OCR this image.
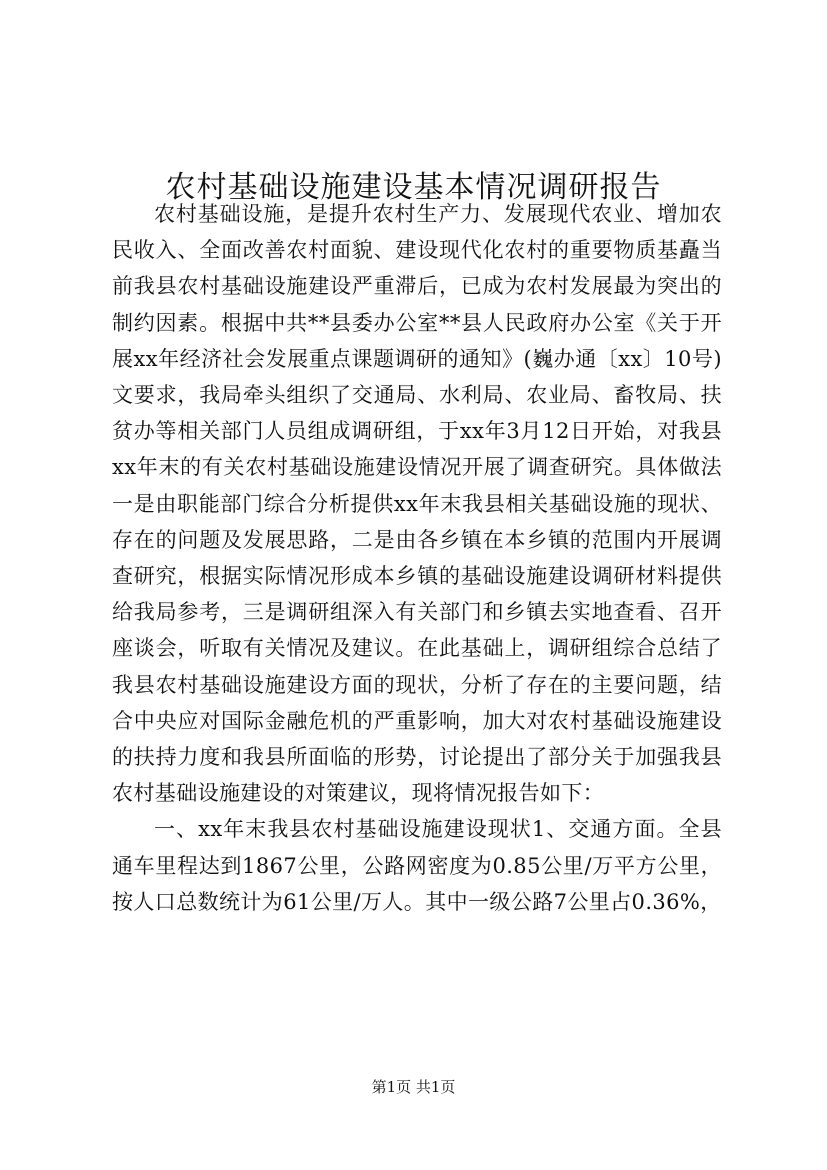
农村基础设施建设基本情况调研报告

农村基础设施，是提升农村生产力、发展现代农业、增加农民收入、全面改善农村面貌、建设现代化农村的重要物质基矗当前我县农村基础设施建设严重滞后，已成为农村发展最为突出的制约因素。根据中共**县委办公室**县人民政府办公室《关于开展xx年经济社会发展重点课题调研的通知》(巍办通〔xx〕10号)文要求，我局牵头组织了交通局、水利局、农业局、畜牧局、扶贫办等相关部门人员组成调研组，于xx年3月12日开始，对我县xx年末的有关农村基础设施建设情况开展了调查研究。具体做法一是由职能部门综合分析提供xx年末我县相关基础设施的现状、存在的问题及发展思路，二是由各乡镇在本乡镇的范围内开展调查研究，根据实际情况形成本乡镇的基础设施建设调研材料提供给我局参考，三是调研组深入有关部门和乡镇去实地查看、召开座谈会，听取有关情况及建议。在此基础上，调研组综合总结了我县农村基础设施建设方面的现状，分析了存在的主要问题，结合中央应对国际金融危机的严重影响，加大对农村基础设施建设的扶持力度和我县所面临的形势，讨论提出了部分关于加强我县农村基础设施建设的对策建议，现将情况报告如下：

一、xx年末我县农村基础设施建设现状1、交通方面。全县通车里程达到1867公里，公路网密度为0.85公里/万平方公里，按人口总数统计为61公里/万人。其中一级公路7公里占0.36%，

第1页 共1页
